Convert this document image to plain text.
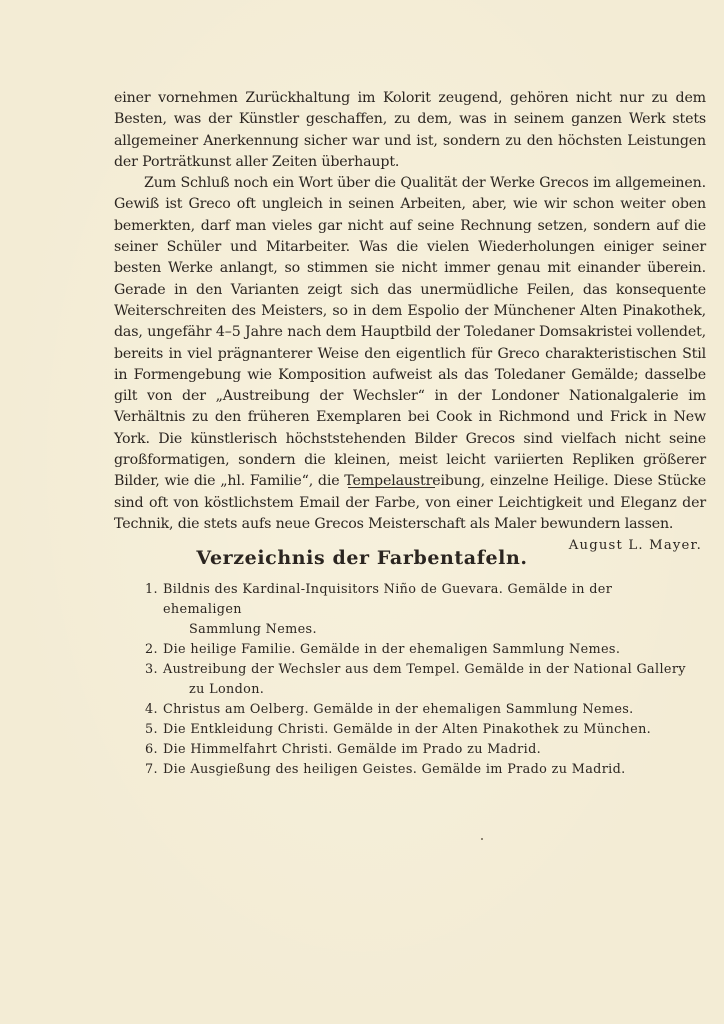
einer vornehmen Zurückhaltung im Kolorit zeugend, gehören nicht nur zu dem Besten, was der Künstler geschaffen, zu dem, was in seinem ganzen Werk stets allgemeiner Anerkennung sicher war und ist, sondern zu den höchsten Leistungen der Porträtkunst aller Zeiten überhaupt.

Zum Schluß noch ein Wort über die Qualität der Werke Grecos im allgemeinen. Gewiß ist Greco oft ungleich in seinen Arbeiten, aber, wie wir schon weiter oben bemerkten, darf man vieles gar nicht auf seine Rechnung setzen, sondern auf die seiner Schüler und Mitarbeiter. Was die vielen Wiederholungen einiger seiner besten Werke anlangt, so stimmen sie nicht immer genau mit einander überein. Gerade in den Varianten zeigt sich das unermüdliche Feilen, das konsequente Weiterschreiten des Meisters, so in dem Espolio der Münchener Alten Pinakothek, das, ungefähr 4–5 Jahre nach dem Hauptbild der Toledaner Domsakristei vollendet, bereits in viel prägnanterer Weise den eigentlich für Greco charakteristischen Stil in Formengebung wie Komposition aufweist als das Toledaner Gemälde; dasselbe gilt von der „Austreibung der Wechsler“ in der Londoner Nationalgalerie im Verhältnis zu den früheren Exemplaren bei Cook in Richmond und Frick in New York. Die künstlerisch höchststehenden Bilder Grecos sind vielfach nicht seine großformatigen, sondern die kleinen, meist leicht variierten Repliken größerer Bilder, wie die „hl. Familie“, die Tempelaustreibung, einzelne Heilige. Diese Stücke sind oft von köstlichstem Email der Farbe, von einer Leichtigkeit und Eleganz der Technik, die stets aufs neue Grecos Meisterschaft als Maler bewundern lassen.
August L. Mayer.

Verzeichnis der Farbentafeln.
1. Bildnis des Kardinal-Inquisitors Niño de Guevara. Gemälde in der ehemaligen
Sammlung Nemes.
2. Die heilige Familie. Gemälde in der ehemaligen Sammlung Nemes.
3. Austreibung der Wechsler aus dem Tempel. Gemälde in der National Gallery
zu London.
4. Christus am Oelberg. Gemälde in der ehemaligen Sammlung Nemes.
5. Die Entkleidung Christi. Gemälde in der Alten Pinakothek zu München.
6. Die Himmelfahrt Christi. Gemälde im Prado zu Madrid.
7. Die Ausgießung des heiligen Geistes. Gemälde im Prado zu Madrid.
